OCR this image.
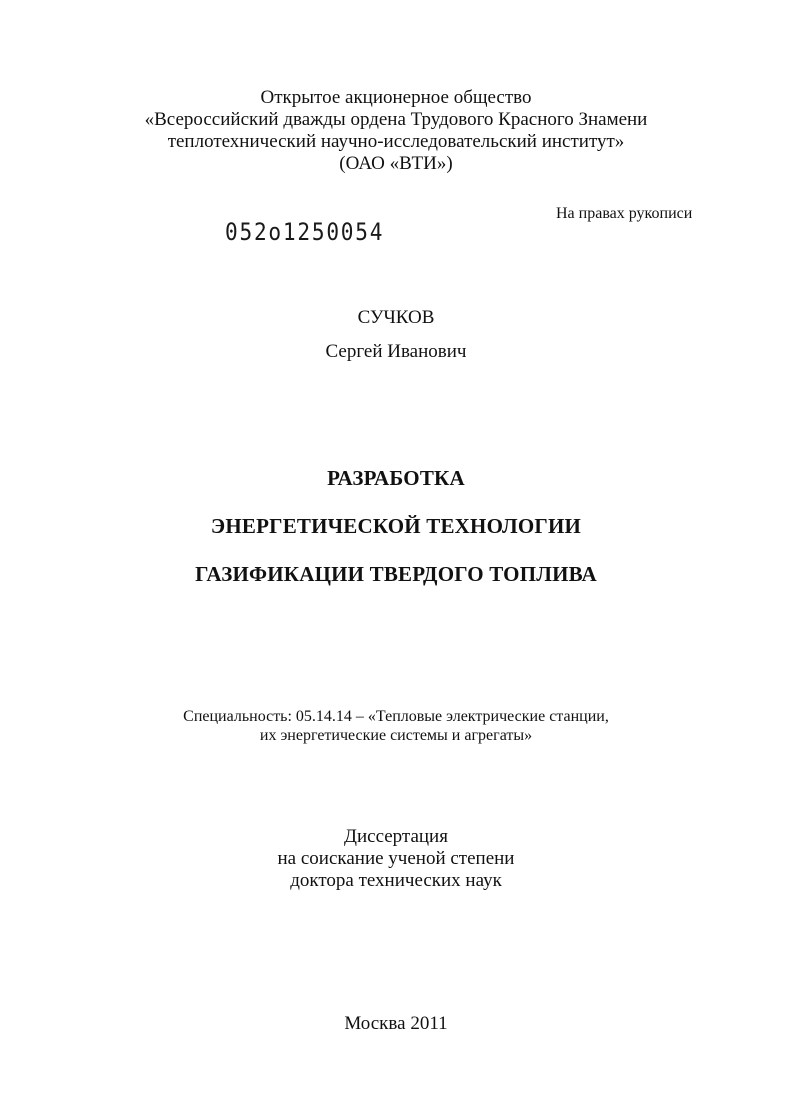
Открытое акционерное общество
«Всероссийский дважды ордена Трудового Красного Знамени
теплотехнический научно-исследовательский институт»
(ОАО «ВТИ»)
На правах рукописи
052о1250054
СУЧКОВ
Сергей Иванович
РАЗРАБОТКА
ЭНЕРГЕТИЧЕСКОЙ ТЕХНОЛОГИИ
ГАЗИФИКАЦИИ ТВЕРДОГО ТОПЛИВА
Специальность: 05.14.14 – «Тепловые электрические станции,
их энергетические системы и агрегаты»
Диссертация
на соискание ученой степени
доктора технических наук
Москва 2011
